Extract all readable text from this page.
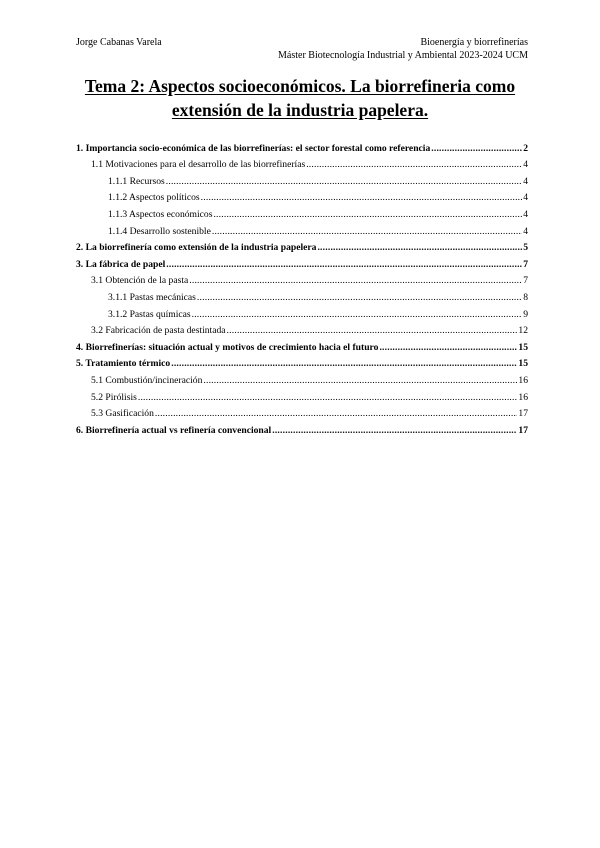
Jorge Cabanas Varela	Bioenergía y biorrefinerías
Máster Biotecnología Industrial y Ambiental 2023-2024 UCM
Tema 2: Aspectos socioeconómicos. La biorrefineria como
extensión de la industria papelera.
1. Importancia socio-económica de las biorrefinerías: el sector forestal como referencia .....	2
1.1 Motivaciones para el desarrollo de las biorrefinerías .....	4
1.1.1 Recursos .....	4
1.1.2 Aspectos políticos .....	4
1.1.3 Aspectos económicos .....	4
1.1.4 Desarrollo sostenible .....	4
2. La biorrefinería como extensión de la industria papelera .....	5
3. La fábrica de papel .....	7
3.1 Obtención de la pasta .....	7
3.1.1 Pastas mecánicas .....	8
3.1.2 Pastas químicas .....	9
3.2 Fabricación de pasta destintada .....	12
4. Biorrefinerías: situación actual y motivos de crecimiento hacia el futuro .....	15
5. Tratamiento térmico .....	15
5.1 Combustión/incineración .....	16
5.2 Pirólisis .....	16
5.3 Gasificación .....	17
6. Biorrefinería actual vs refinería convencional .....	17
